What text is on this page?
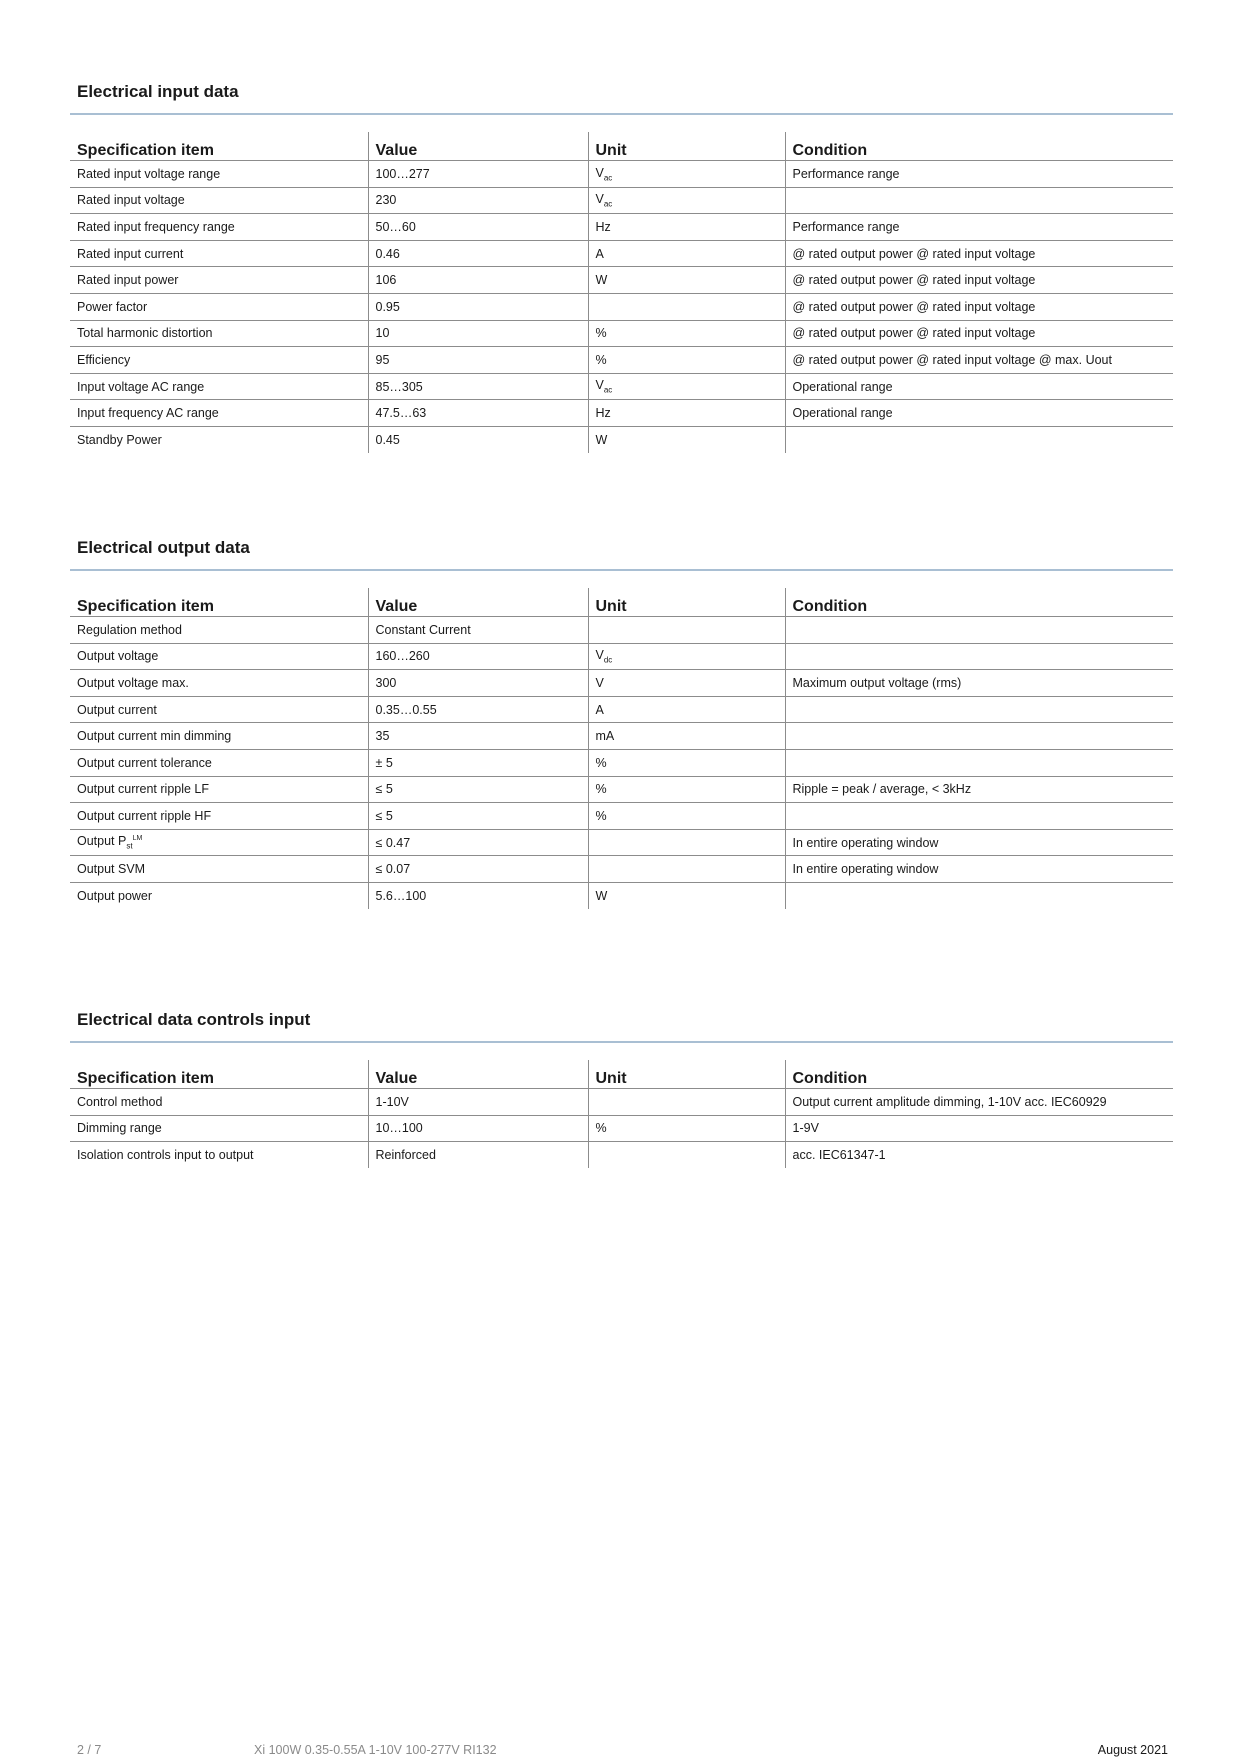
Electrical input data
Specification item	Value	Unit	Condition
Rated input voltage range	100…277	$V_{ac}$	Performance range
Rated input voltage	230	$V_{ac}$	
Rated input frequency range	50…60	Hz	Performance range
Rated input current	0.46	A	@ rated output power @ rated input voltage
Rated input power	106	W	@ rated output power @ rated input voltage
Power factor	0.95		@ rated output power @ rated input voltage
Total harmonic distortion	10	%	@ rated output power @ rated input voltage
Efficiency	95	%	@ rated output power @ rated input voltage @ max. Uout
Input voltage AC range	85…305	$V_{ac}$	Operational range
Input frequency AC range	47.5…63	Hz	Operational range
Standby Power	0.45	W	
Electrical output data
Specification item	Value	Unit	Condition
Regulation method	Constant Current		
Output voltage	160…260	$V_{dc}$	
Output voltage max.	300	V	Maximum output voltage (rms)
Output current	0.35…0.55	A	
Output current min dimming	35	mA	
Output current tolerance	± 5	%	
Output current ripple LF	≤ 5	%	Ripple = peak / average, < 3kHz
Output current ripple HF	≤ 5	%	
Output $P_{st}^{LM}$	≤ 0.47		In entire operating window
Output SVM	≤ 0.07		In entire operating window
Output power	5.6…100	W	
Electrical data controls input
Specification item	Value	Unit	Condition
Control method	1-10V		Output current amplitude dimming, 1-10V acc. IEC60929
Dimming range	10…100	%	1-9V
Isolation controls input to output	Reinforced		acc. IEC61347-1
2 / 7	Xi 100W 0.35-0.55A 1-10V 100-277V RI132	August 2021
